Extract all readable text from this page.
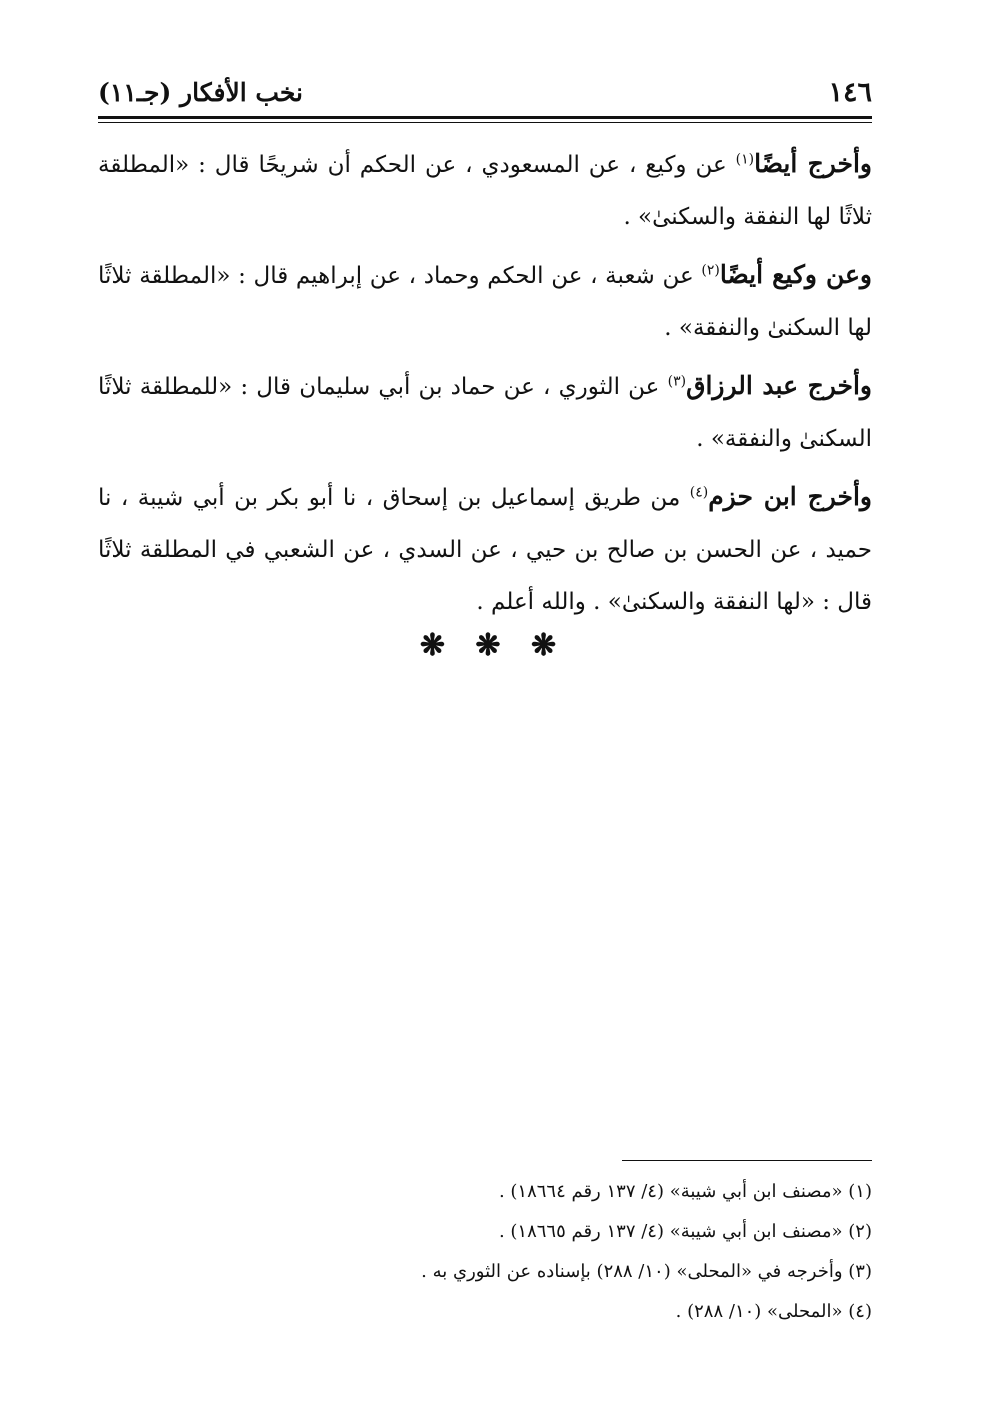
١٤٦
نخب الأفكار (جـ١١)

وأخرج أيضًا$^{(١)}$ عن وكيع ، عن المسعودي ، عن الحكم أن شريحًا قال : «المطلقة ثلاثًا لها النفقة والسكنىٰ» .

وعن وكيع أيضًا$^{(٢)}$ عن شعبة ، عن الحكم وحماد ، عن إبراهيم قال : «المطلقة ثلاثًا لها السكنىٰ والنفقة» .

وأخرج عبد الرزاق$^{(٣)}$ عن الثوري ، عن حماد بن أبي سليمان قال : «للمطلقة ثلاثًا السكنىٰ والنفقة» .

وأخرج ابن حزم$^{(٤)}$ من طريق إسماعيل بن إسحاق ، نا أبو بكر بن أبي شيبة ، نا حميد ، عن الحسن بن صالح بن حيي ، عن السدي ، عن الشعبي في المطلقة ثلاثًا قال : «لها النفقة والسكنىٰ» . والله أعلم .

❋ ❋ ❋
(١) «مصنف ابن أبي شيبة» (٤/ ١٣٧ رقم ١٨٦٦٤) .
(٢) «مصنف ابن أبي شيبة» (٤/ ١٣٧ رقم ١٨٦٦٥) .
(٣) وأخرجه في «المحلى» (١٠/ ٢٨٨) بإسناده عن الثوري به .
(٤) «المحلى» (١٠/ ٢٨٨) .
